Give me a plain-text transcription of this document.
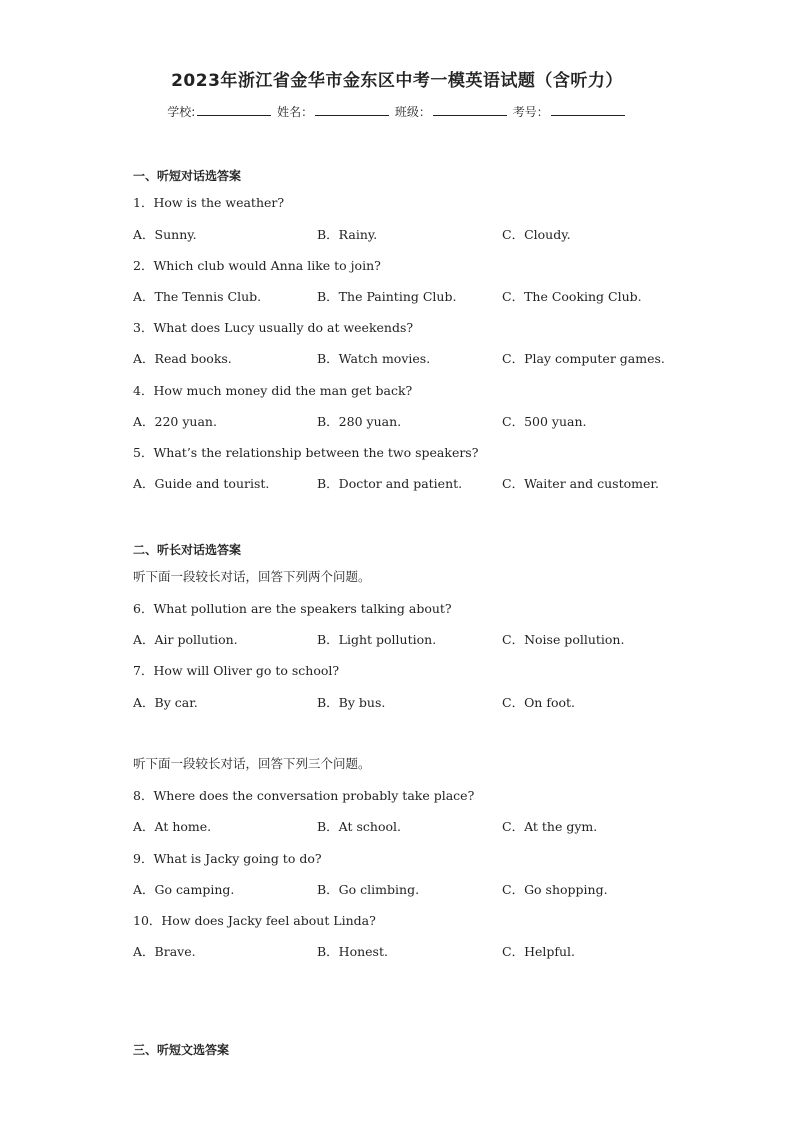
2023年浙江省金华市金东区中考一模英语试题（含听力）
学校:	姓名：	班级：	考号：
一、听短对话选答案
1．How is the weather?
A．Sunny.	B．Rainy.	C．Cloudy.
2．Which club would Anna like to join?
A．The Tennis Club.	B．The Painting Club.	C．The Cooking Club.
3．What does Lucy usually do at weekends?
A．Read books.	B．Watch movies.	C．Play computer games.
4．How much money did the man get back?
A．220 yuan.	B．280 yuan.	C．500 yuan.
5．What’s the relationship between the two speakers?
A．Guide and tourist.	B．Doctor and patient.	C．Waiter and customer.
二、听长对话选答案
听下面一段较长对话，回答下列两个问题。
6．What pollution are the speakers talking about?
A．Air pollution.	B．Light pollution.	C．Noise pollution.
7．How will Oliver go to school?
A．By car.	B．By bus.	C．On foot.
听下面一段较长对话，回答下列三个问题。
8．Where does the conversation probably take place?
A．At home.	B．At school.	C．At the gym.
9．What is Jacky going to do?
A．Go camping.	B．Go climbing.	C．Go shopping.
10．How does Jacky feel about Linda?
A．Brave.	B．Honest.	C．Helpful.
三、听短文选答案
